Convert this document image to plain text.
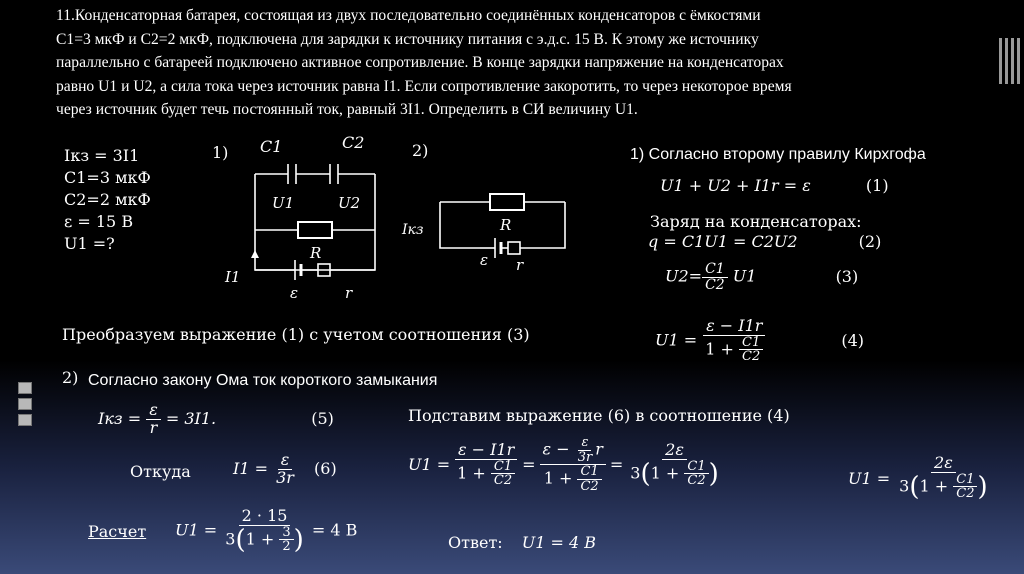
11.Конденсаторная батарея, состоящая из двух последовательно соединённых конденсаторов с ёмкостями
C1=3 мкФ и C2=2 мкФ, подключена для зарядки к источнику питания с э.д.с. 15 В. К этому же источнику
параллельно с батареей подключено активное сопротивление. В конце зарядки напряжение на конденсаторах
равно U1 и U2, а сила тока через источник равна I1. Если сопротивление закоротить, то через некоторое время
через источник будет течь постоянный ток, равный 3I1. Определить в СИ величину U1.
Iкз = 3I1
C1=3 мкФ
C2=2 мкФ
ε = 15 В
U1 =?
1) C1	C2
U1	U2
R
I1
ε	r
2)
Iкз	R
ε r
1) Согласно второму правилу Кирхгофа
U1 + U2 + I1r = ε	(1)
Заряд на конденсаторах:
q = C1U1 = C2U2	(2)
$U2= \frac{C1}{C2} U1$	(3)
$U1 = \frac{\varepsilon - I1r}{1 + \frac{C1}{C2}}$	(4)
Преобразуем выражение (1) с учетом соотношения (3)
2) Согласно закону Ома ток короткого замыкания
Iкз = $\frac{\varepsilon}{r} = 3I1$.	(5)
Откуда	$I1 = \frac{\varepsilon}{3r} (6)$
Расчет $U1 = \frac{2 \cdot 15}{3(1 + \frac{3}{2} )} = 4$ В
Подставим выражение (6) в соотношение (4)
$U1 = \frac{\varepsilon - I1r}{1 + \frac{C1}{C2}} = \frac{\varepsilon - \frac{\varepsilon}{3r} r}{1 + \frac{C1}{C2}} = \frac{2\varepsilon}{3(1 + \frac{C1}{C2} )}$	$U1 = \frac{2\varepsilon}{3(1 + \frac{C1}{C2} )}$
Ответ: U1 = 4 В
